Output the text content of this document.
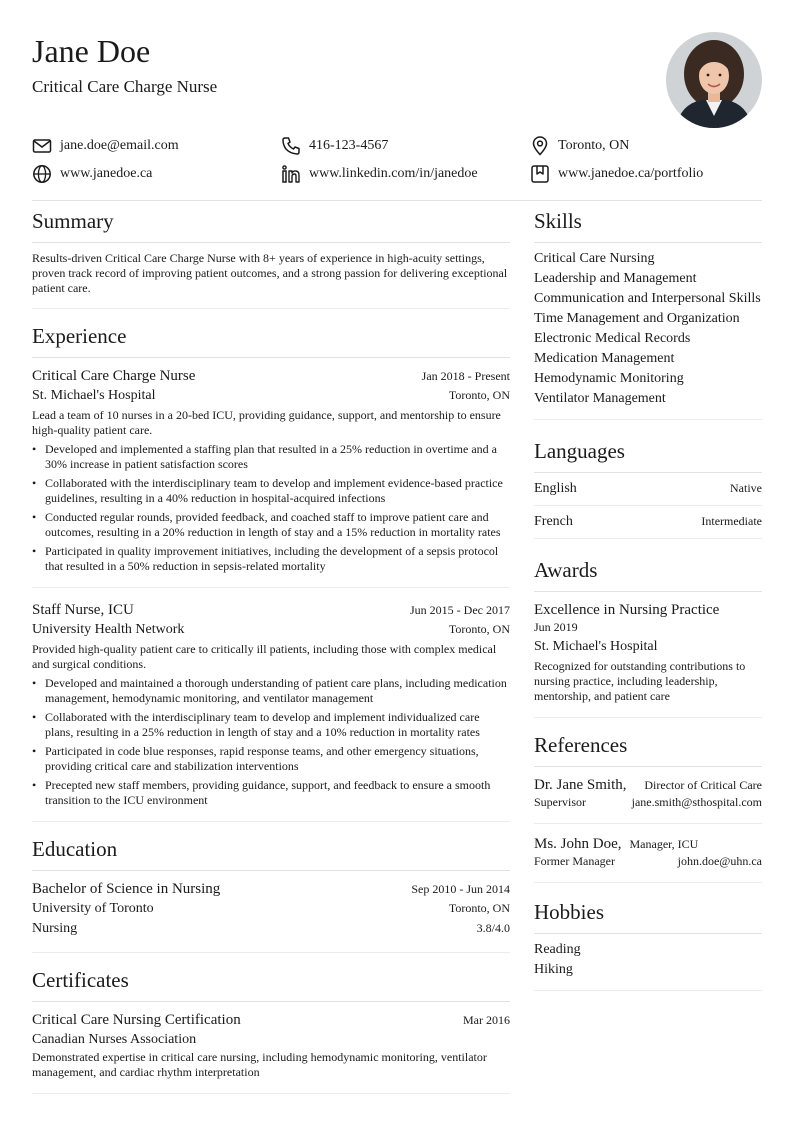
Jane Doe
Critical Care Charge Nurse
jane.doe@email.com	416-123-4567	Toronto, ON
www.janedoe.ca	www.linkedin.com/in/janedoe	www.janedoe.ca/portfolio
Summary
Results-driven Critical Care Charge Nurse with 8+ years of experience in high-acuity settings, proven track record of improving patient outcomes, and a strong passion for delivering exceptional patient care.
Experience
Critical Care Charge Nurse	Jan 2018 - Present
St. Michael's Hospital	Toronto, ON
Lead a team of 10 nurses in a 20-bed ICU, providing guidance, support, and mentorship to ensure high-quality patient care.
• Developed and implemented a staffing plan that resulted in a 25% reduction in overtime and a 30% increase in patient satisfaction scores
• Collaborated with the interdisciplinary team to develop and implement evidence-based practice guidelines, resulting in a 40% reduction in hospital-acquired infections
• Conducted regular rounds, provided feedback, and coached staff to improve patient care and outcomes, resulting in a 20% reduction in length of stay and a 15% reduction in mortality rates
• Participated in quality improvement initiatives, including the development of a sepsis protocol that resulted in a 50% reduction in sepsis-related mortality
Staff Nurse, ICU	Jun 2015 - Dec 2017
University Health Network	Toronto, ON
Provided high-quality patient care to critically ill patients, including those with complex medical and surgical conditions.
• Developed and maintained a thorough understanding of patient care plans, including medication management, hemodynamic monitoring, and ventilator management
• Collaborated with the interdisciplinary team to develop and implement individualized care plans, resulting in a 25% reduction in length of stay and a 10% reduction in mortality rates
• Participated in code blue responses, rapid response teams, and other emergency situations, providing critical care and stabilization interventions
• Precepted new staff members, providing guidance, support, and feedback to ensure a smooth transition to the ICU environment
Education
Bachelor of Science in Nursing	Sep 2010 - Jun 2014
University of Toronto	Toronto, ON
Nursing	3.8/4.0
Certificates
Critical Care Nursing Certification	Mar 2016
Canadian Nurses Association
Demonstrated expertise in critical care nursing, including hemodynamic monitoring, ventilator management, and cardiac rhythm interpretation
Skills
Critical Care Nursing
Leadership and Management
Communication and Interpersonal Skills
Time Management and Organization
Electronic Medical Records
Medication Management
Hemodynamic Monitoring
Ventilator Management
Languages
English	Native
French	Intermediate
Awards
Excellence in Nursing Practice
Jun 2019
St. Michael's Hospital
Recognized for outstanding contributions to nursing practice, including leadership, mentorship, and patient care
References
Dr. Jane Smith, Director of Critical Care
Supervisor	jane.smith@sthospital.com
Ms. John Doe, Manager, ICU
Former Manager	john.doe@uhn.ca
Hobbies
Reading
Hiking
